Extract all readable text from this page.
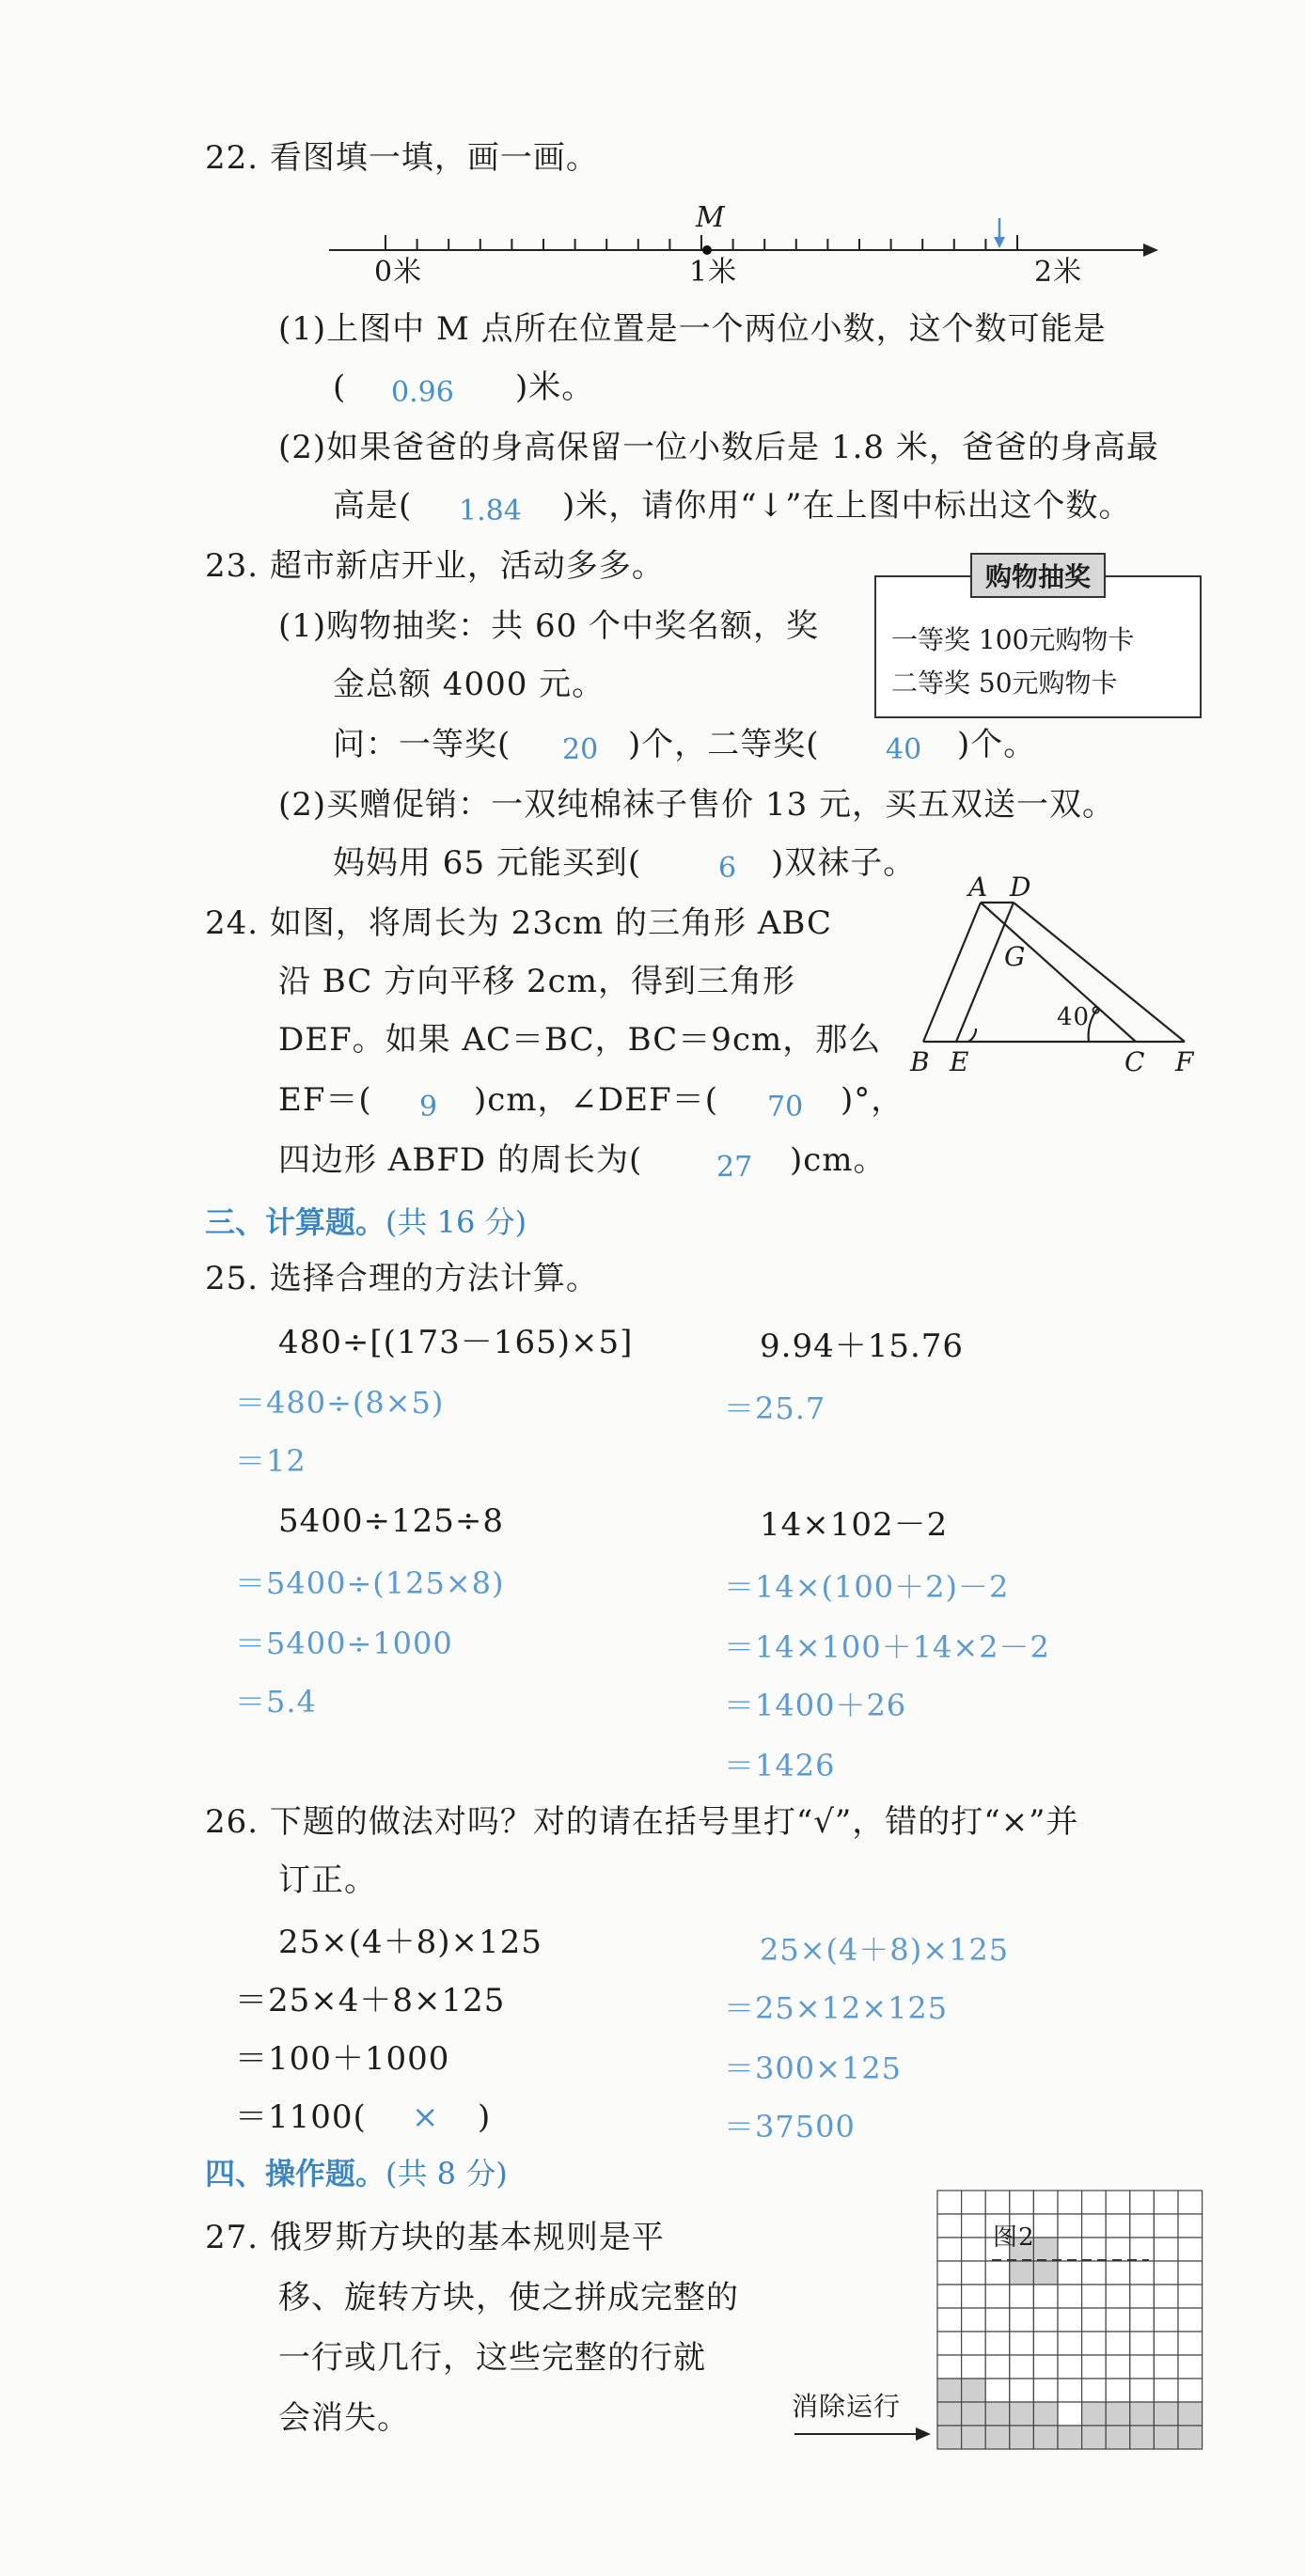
22. 看图填一填，画一画。
M
0米	1米	2米
(1)上图中 M 点所在位置是一个两位小数，这个数可能是
( 0.96 )米。
(2)如果爸爸的身高保留一位小数后是 1.8 米，爸爸的身高最
高是( 1.84 )米，请你用“↓”在上图中标出这个数。
23. 超市新店开业，活动多多。	购物抽奖
一等奖 100元购物卡
二等奖 50元购物卡
(1)购物抽奖：共 60 个中奖名额，奖
金总额 4000 元。
问：一等奖( 20 )个，二等奖( 40 )个。
(2)买赠促销：一双纯棉袜子售价 13 元，买五双送一双。
妈妈用 65 元能买到(	6 )双袜子。
24. 如图，将周长为 23cm 的三角形 ABC
沿 BC 方向平移 2cm，得到三角形
DEF。如果 AC＝BC，BC＝9cm，那么
EF＝( 9 )cm，∠DEF＝( 70 )°，
四边形 ABFD 的周长为(	27 )cm。
A D
G
40°
B E	C F
三、计算题。(共 16 分)
25. 选择合理的方法计算。
480÷[(173－165)×5]
＝480÷(8×5)
＝12
9.94＋15.76
＝25.7
5400÷125÷8
＝5400÷(125×8)
＝5400÷1000
＝5.4
14×102－2
＝14×(100＋2)－2
＝14×100＋14×2－2
＝1400＋26
＝1426
26. 下题的做法对吗？对的请在括号里打“√”，错的打“×”并
订正。
25×(4＋8)×125
＝25×4＋8×125
＝100＋1000
＝1100( × )
25×(4＋8)×125
＝25×12×125
＝300×125
＝37500
四、操作题。(共 8 分)
27. 俄罗斯方块的基本规则是平
移、旋转方块，使之拼成完整的
一行或几行，这些完整的行就
会消失。
图2
消除运行
